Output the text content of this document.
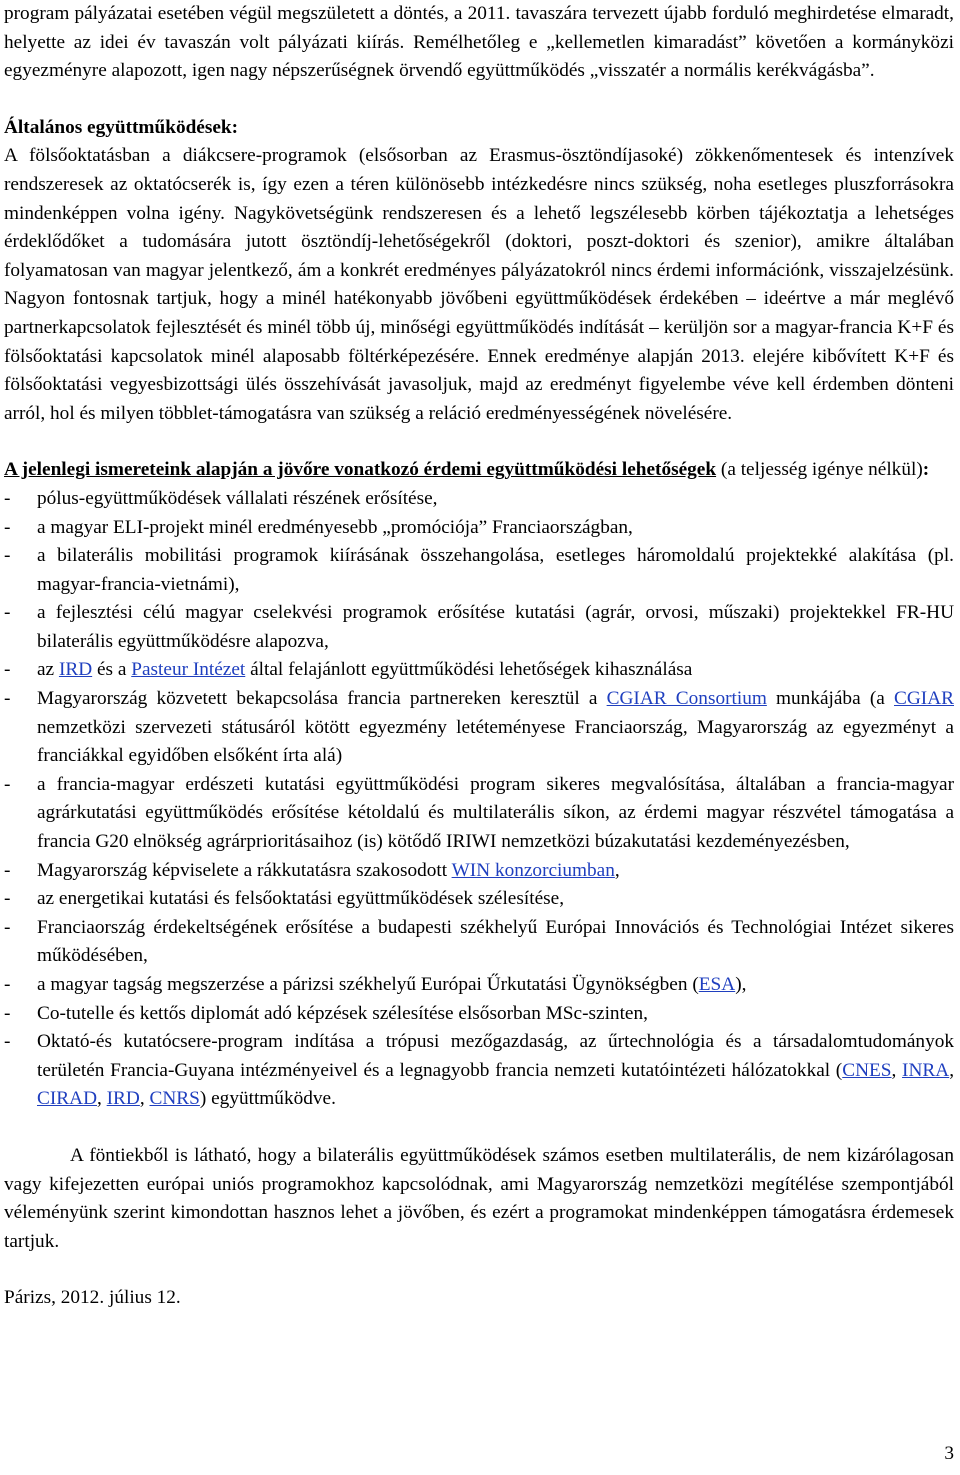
program pályázatai esetében végül megszületett a döntés, a 2011. tavaszára tervezett újabb forduló meghirdetése elmaradt, helyette az idei év tavaszán volt pályázati kiírás. Remélhetőleg e „kellemetlen kimaradást” követően a kormányközi egyezményre alapozott, igen nagy népszerűségnek örvendő együttműködés „visszatér a normális kerékvágásba”.

Általános együttműködések:
A fölsőoktatásban a diákcsere-programok (elsősorban az Erasmus-ösztöndíjasoké) zökkenőmentesek és intenzívek rendszeresek az oktatócserék is, így ezen a téren különösebb intézkedésre nincs szükség, noha esetleges pluszforrásokra mindenképpen volna igény. Nagykövetségünk rendszeresen és a lehető legszélesebb körben tájékoztatja a lehetséges érdeklődőket a tudomására jutott ösztöndíj-lehetőségekről (doktori, poszt-doktori és szenior), amikre általában folyamatosan van magyar jelentkező, ám a konkrét eredményes pályázatokról nincs érdemi információnk, visszajelzésünk. Nagyon fontosnak tartjuk, hogy a minél hatékonyabb jövőbeni együttműködések érdekében – ideértve a már meglévő partnerkapcsolatok fejlesztését és minél több új, minőségi együttműködés indítását – kerüljön sor a magyar-francia K+F és fölsőoktatási kapcsolatok minél alaposabb föltérképezésére. Ennek eredménye alapján 2013. elejére kibővített K+F és fölsőoktatási vegyesbizottsági ülés összehívását javasoljuk, majd az eredményt figyelembe véve kell érdemben dönteni arról, hol és milyen többlet-támogatásra van szükség a reláció eredményességének növelésére.

A jelenlegi ismereteink alapján a jövőre vonatkozó érdemi együttműködési lehetőségek (a teljesség igénye nélkül):

-	pólus-együttműködések vállalati részének erősítése,
-	a magyar ELI-projekt minél eredményesebb „promóciója” Franciaországban,
-	a bilaterális mobilitási programok kiírásának összehangolása, esetleges háromoldalú projektekké alakítása (pl. magyar-francia-vietnámi),
-	a fejlesztési célú magyar cselekvési programok erősítése kutatási (agrár, orvosi, műszaki) projektekkel FR-HU bilaterális együttműködésre alapozva,
-	az IRD és a Pasteur Intézet által felajánlott együttműködési lehetőségek kihasználása
-	Magyarország közvetett bekapcsolása francia partnereken keresztül a CGIAR Consortium munkájába (a CGIAR nemzetközi szervezeti státusáról kötött egyezmény letéteményese Franciaország, Magyarország az egyezményt a franciákkal egyidőben elsőként írta alá)
-	a francia-magyar erdészeti kutatási együttműködési program sikeres megvalósítása, általában a francia-magyar agrárkutatási együttműködés erősítése kétoldalú és multilaterális síkon, az érdemi magyar részvétel támogatása a francia G20 elnökség agrárprioritásaihoz (is) kötődő IRIWI nemzetközi búzakutatási kezdeményezésben,
-	Magyarország képviselete a rákkutatásra szakosodott WIN konzorciumban,
-	az energetikai kutatási és felsőoktatási együttműködések szélesítése,
-	Franciaország érdekeltségének erősítése a budapesti székhelyű Európai Innovációs és Technológiai Intézet sikeres működésében,
-	a magyar tagság megszerzése a párizsi székhelyű Európai Űrkutatási Ügynökségben (ESA),
-	Co-tutelle és kettős diplomát adó képzések szélesítése elsősorban MSc-szinten,
-	Oktató-és kutatócsere-program indítása a trópusi mezőgazdaság, az űrtechnológia és a társadalomtudományok területén Francia-Guyana intézményeivel és a legnagyobb francia nemzeti kutatóintézeti hálózatokkal (CNES, INRA, CIRAD, IRD, CNRS) együttműködve.

A föntiekből is látható, hogy a bilaterális együttműködések számos esetben multilaterális, de nem kizárólagosan vagy kifejezetten európai uniós programokhoz kapcsolódnak, ami Magyarország nemzetközi megítélése szempontjából véleményünk szerint kimondottan hasznos lehet a jövőben, és ezért a programokat mindenképpen támogatásra érdemesek tartjuk.

Párizs, 2012. július 12.

3
